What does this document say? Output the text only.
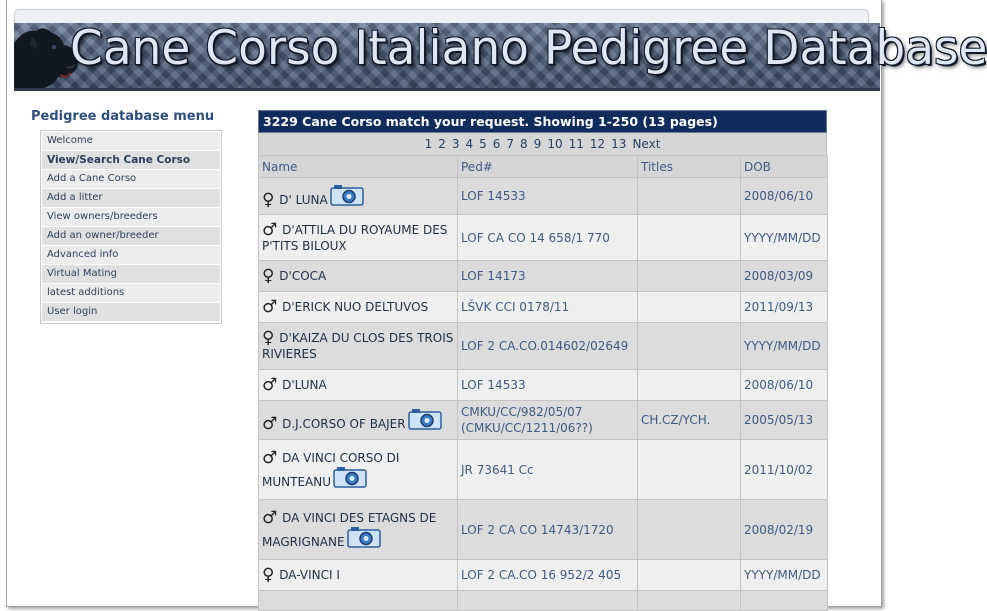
Cane Corso Italiano Pedigree Database
Pedigree database menu
Welcome
View/Search Cane Corso
Add a Cane Corso
Add a litter
View owners/breeders
Add an owner/breeder
Advanced info
Virtual Mating
latest additions
User login
3229 Cane Corso match your request. Showing 1-250 (13 pages)
1 2 3 4 5 6 7 8 9 10 11 12 13 Next
Name	Ped#	Titles	DOB
♀ D' LUNA	LOF 14533		2008/06/10
♂ D'ATTILA DU ROYAUME DES P'TITS BILOUX	LOF CA CO 14 658/1 770		YYYY/MM/DD
♀ D'COCA	LOF 14173		2008/03/09
♂ D'ERICK NUO DELTUVOS	LŠVK CCI 0178/11		2011/09/13
♀ D'KAIZA DU CLOS DES TROIS RIVIERES	LOF 2 CA.CO.014602/02649		YYYY/MM/DD
♂ D'LUNA	LOF 14533		2008/06/10
♂ D.J.CORSO OF BAJER	CMKU/CC/982/05/07 (CMKU/CC/1211/06??)	CH.CZ/YCH.	2005/05/13
♂ DA VINCI CORSO DI MUNTEANU	JR 73641 Cc		2011/10/02
♂ DA VINCI DES ETAGNS DE MAGRIGNANE	LOF 2 CA CO 14743/1720		2008/02/19
♀ DA-VINCI I	LOF 2 CA.CO 16 952/2 405		YYYY/MM/DD
